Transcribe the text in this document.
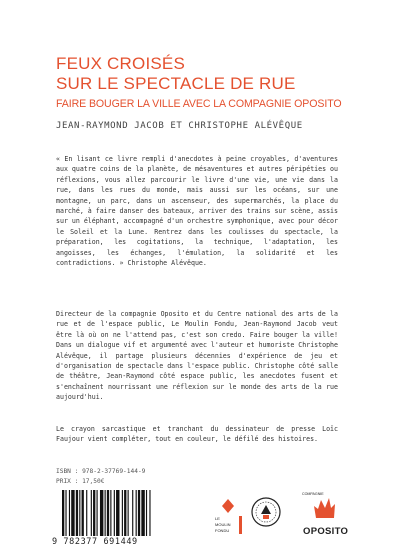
FEUX CROISÉS
SUR LE SPECTACLE DE RUE
FAIRE BOUGER LA VILLE AVEC LA COMPAGNIE OPOSITO
JEAN-RAYMOND JACOB ET CHRISTOPHE ALÉVÊQUE

« En lisant ce livre rempli d'anecdotes à peine croyables, d'aventures aux quatre coins de la planète, de mésaventures et autres péripéties ou réflexions, vous allez parcourir le livre d'une vie, une vie dans la rue, dans les rues du monde, mais aussi sur les océans, sur une montagne, un parc, dans un ascenseur, des supermarchés, la place du marché, à faire danser des bateaux, arriver des trains sur scène, assis sur un éléphant, accompagné d'un orchestre symphonique, avec pour décor le Soleil et la Lune. Rentrez dans les coulisses du spectacle, la préparation, les cogitations, la technique, l'adaptation, les angoisses, les échanges, l'émulation, la solidarité et les contradictions. » Christophe Alévêque.

Directeur de la compagnie Oposito et du Centre national des arts de la rue et de l'espace public, Le Moulin Fondu, Jean-Raymond Jacob veut être là où on ne l'attend pas, c'est son credo. Faire bouger la ville! Dans un dialogue vif et argumenté avec l'auteur et humoriste Christophe Alévêque, il partage plusieurs décennies d'expérience de jeu et d'organisation de spectacle dans l'espace public. Christophe côté salle de théâtre, Jean-Raymond côté espace public, les anecdotes fusent et s'enchaînent nourrissant une réflexion sur le monde des arts de la rue aujourd'hui.

Le crayon sarcastique et tranchant du dessinateur de presse Loïc Faujour vient compléter, tout en couleur, le défilé des histoires.

ISBN : 978-2-37769-144-9
PRIX : 17,50€
9 782377 691449
LE
MOULIN
FONDU
COMPAGNIE
OPOSITO
